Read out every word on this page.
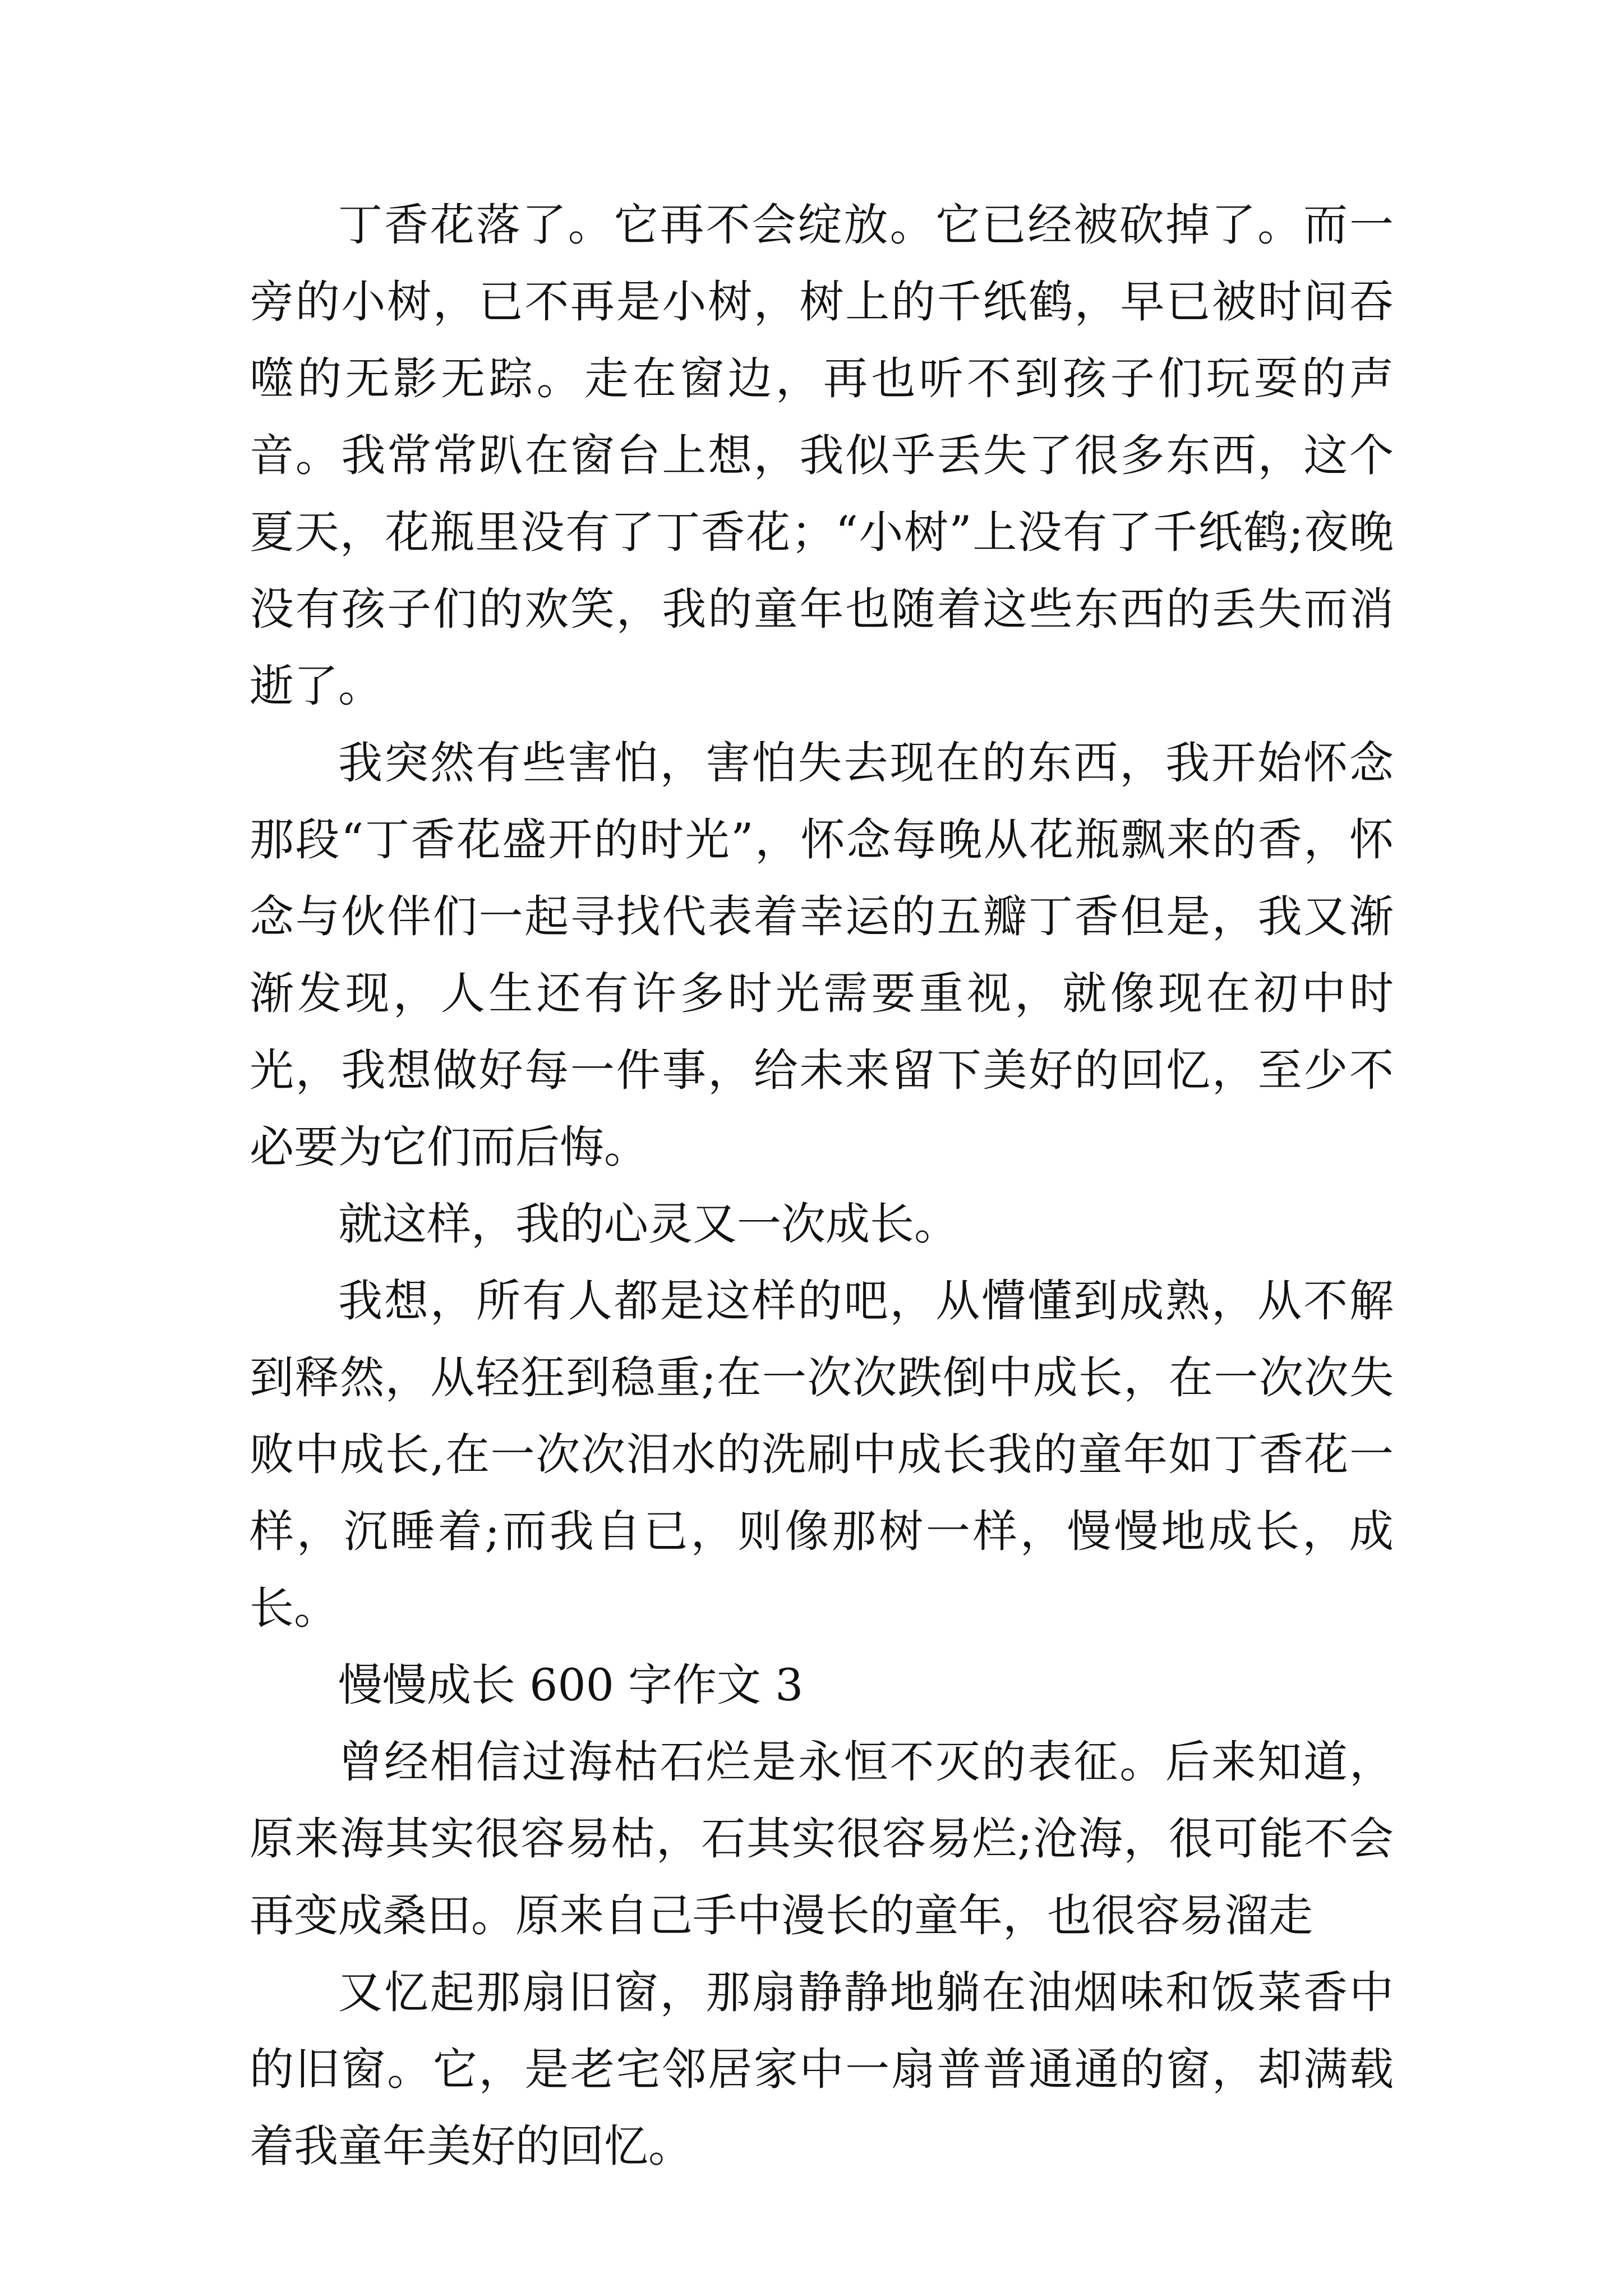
丁香花落了。它再不会绽放。它已经被砍掉了。而一旁的小树，已不再是小树，树上的千纸鹤，早已被时间吞噬的无影无踪。走在窗边，再也听不到孩子们玩耍的声音。我常常趴在窗台上想，我似乎丢失了很多东西，这个夏天，花瓶里没有了丁香花；“小树”上没有了千纸鹤;夜晚没有孩子们的欢笑，我的童年也随着这些东西的丢失而消逝了。

我突然有些害怕，害怕失去现在的东西，我开始怀念那段“丁香花盛开的时光”，怀念每晚从花瓶飘来的香，怀念与伙伴们一起寻找代表着幸运的五瓣丁香但是，我又渐渐发现，人生还有许多时光需要重视，就像现在初中时光，我想做好每一件事，给未来留下美好的回忆，至少不必要为它们而后悔。

就这样，我的心灵又一次成长。

我想，所有人都是这样的吧，从懵懂到成熟，从不解到释然，从轻狂到稳重;在一次次跌倒中成长，在一次次失败中成长,在一次次泪水的洗刷中成长我的童年如丁香花一样，沉睡着;而我自已，则像那树一样，慢慢地成长，成长。

慢慢成长 600 字作文 3

曾经相信过海枯石烂是永恒不灭的表征。后来知道，原来海其实很容易枯，石其实很容易烂;沧海，很可能不会再变成桑田。原来自己手中漫长的童年，也很容易溜走

又忆起那扇旧窗，那扇静静地躺在油烟味和饭菜香中的旧窗。它，是老宅邻居家中一扇普普通通的窗，却满载着我童年美好的回忆。
